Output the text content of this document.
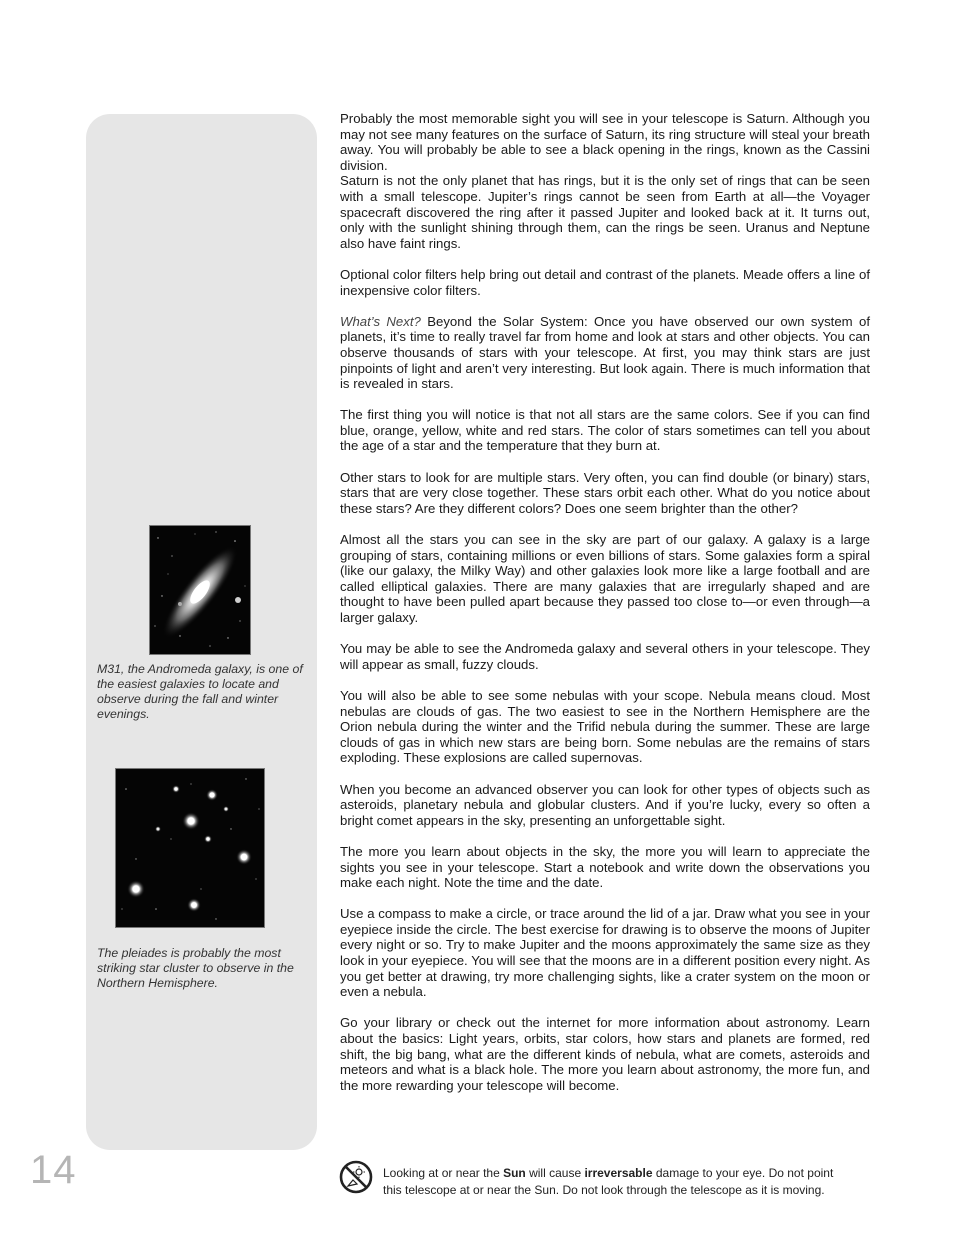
M31, the Andromeda galaxy, is one of the easiest galaxies to locate and observe during the fall and winter evenings.
The pleiades is probably the most striking star cluster to observe in the Northern Hemisphere.

Probably the most memorable sight you will see in your telescope is Saturn. Although you may not see many features on the surface of Saturn, its ring structure will steal your breath away. You will probably be able to see a black opening in the rings, known as the Cassini division.

Saturn is not the only planet that has rings, but it is the only set of rings that can be seen with a small telescope. Jupiter’s rings cannot be seen from Earth at all—the Voyager spacecraft discovered the ring after it passed Jupiter and looked back at it. It turns out, only with the sunlight shining through them, can the rings be seen. Uranus and Neptune also have faint rings.

Optional color filters help bring out detail and contrast of the planets. Meade offers a line of inexpensive color filters.

What’s Next? Beyond the Solar System: Once you have observed our own system of planets, it’s time to really travel far from home and look at stars and other objects. You can observe thousands of stars with your telescope. At first, you may think stars are just pinpoints of light and aren’t very interesting. But look again. There is much information that is revealed in stars.

The first thing you will notice is that not all stars are the same colors. See if you can find blue, orange, yellow, white and red stars. The color of stars sometimes can tell you about the age of a star and the temperature that they burn at.

Other stars to look for are multiple stars. Very often, you can find double (or binary) stars, stars that are very close together. These stars orbit each other. What do you notice about these stars? Are they different colors? Does one seem brighter than the other?

Almost all the stars you can see in the sky are part of our galaxy. A galaxy is a large grouping of stars, containing millions or even billions of stars. Some galaxies form a spiral (like our galaxy, the Milky Way) and other galaxies look more like a large football and are called elliptical galaxies. There are many galaxies that are irregularly shaped and are thought to have been pulled apart because they passed too close to—or even through—a larger galaxy.

You may be able to see the Andromeda galaxy and several others in your telescope. They will appear as small, fuzzy clouds.

You will also be able to see some nebulas with your scope. Nebula means cloud. Most nebulas are clouds of gas. The two easiest to see in the Northern Hemisphere are the Orion nebula during the winter and the Trifid nebula during the summer. These are large clouds of gas in which new stars are being born. Some nebulas are the remains of stars exploding. These explosions are called supernovas.

When you become an advanced observer you can look for other types of objects such as asteroids, planetary nebula and globular clusters. And if you’re lucky, every so often a bright comet appears in the sky, presenting an unforgettable sight.

The more you learn about objects in the sky, the more you will learn to appreciate the sights you see in your telescope. Start a notebook and write down the observations you make each night. Note the time and the date.

Use a compass to make a circle, or trace around the lid of a jar. Draw what you see in your eyepiece inside the circle. The best exercise for drawing is to observe the moons of Jupiter every night or so. Try to make Jupiter and the moons approximately the same size as they look in your eyepiece. You will see that the moons are in a different position every night. As you get better at drawing, try more challenging sights, like a crater system on the moon or even a nebula.

Go your library or check out the internet for more information about astronomy. Learn about the basics: Light years, orbits, star colors, how stars and planets are formed, red shift, the big bang, what are the different kinds of nebula, what are comets, asteroids and meteors and what is a black hole. The more you learn about astronomy, the more fun, and the more rewarding your telescope will become.

14	Looking at or near the Sun will cause irreversable damage to your eye. Do not point this telescope at or near the Sun. Do not look through the telescope as it is moving.
